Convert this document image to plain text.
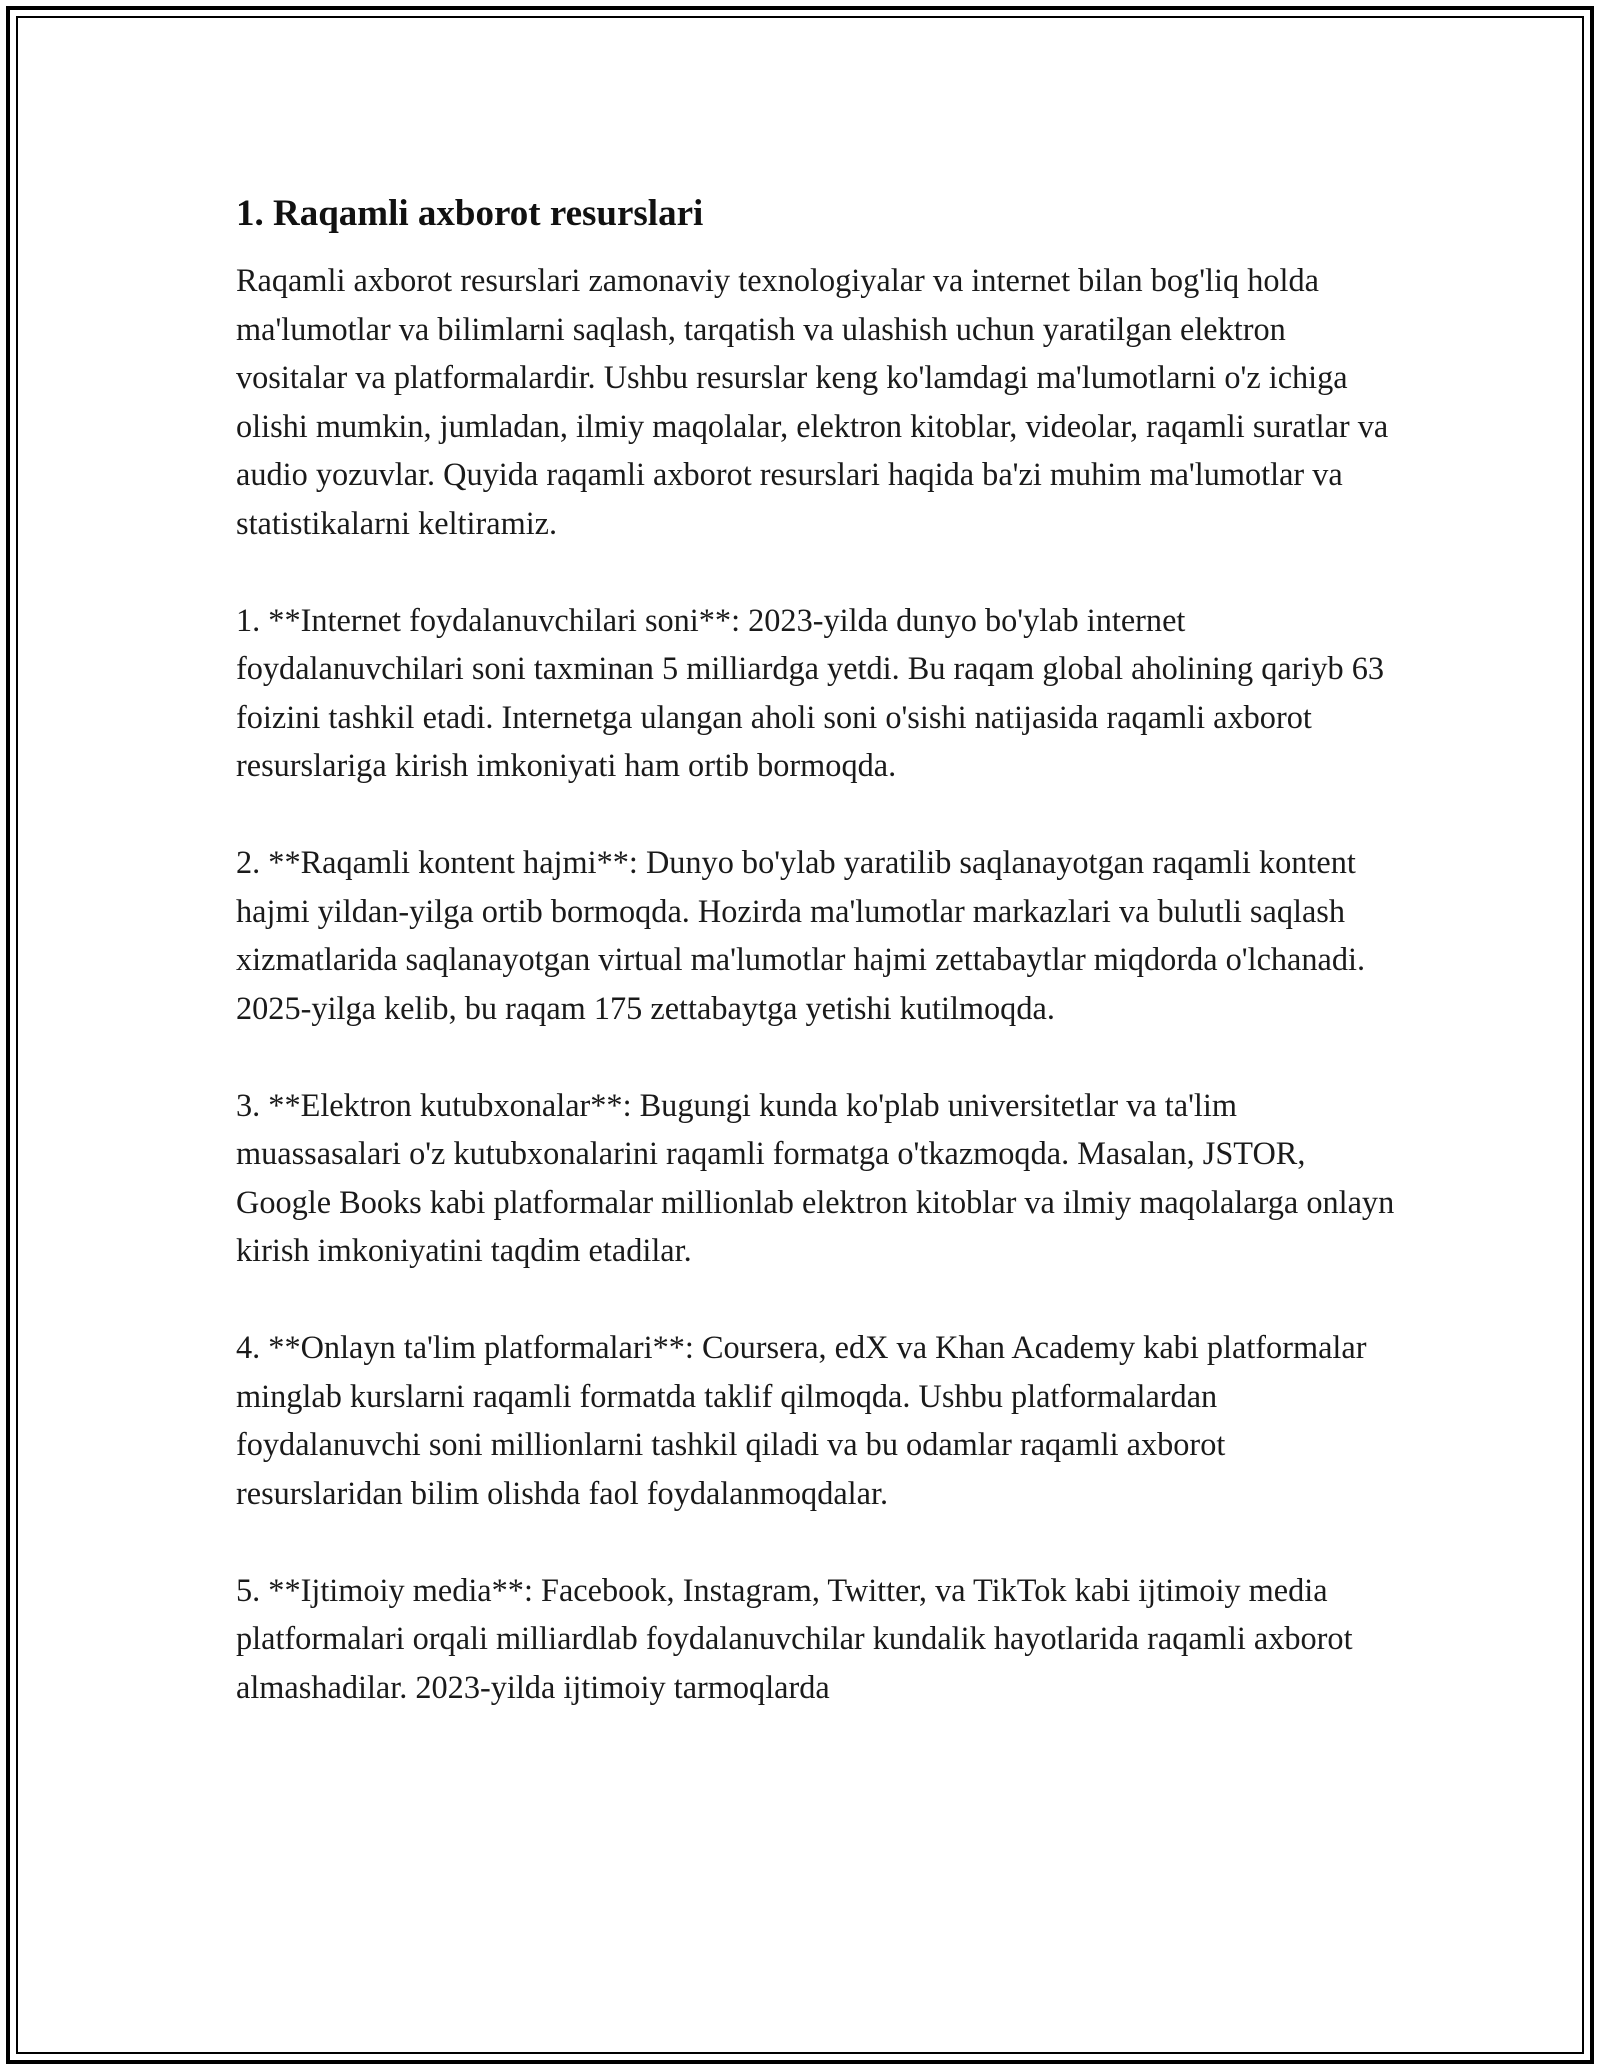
1. Raqamli axborot resurslari

Raqamli axborot resurslari zamonaviy texnologiyalar va internet bilan bog'liq holda ma'lumotlar va bilimlarni saqlash, tarqatish va ulashish uchun yaratilgan elektron vositalar va platformalardir. Ushbu resurslar keng ko'lamdagi ma'lumotlarni o'z ichiga olishi mumkin, jumladan, ilmiy maqolalar, elektron kitoblar, videolar, raqamli suratlar va audio yozuvlar. Quyida raqamli axborot resurslari haqida ba'zi muhim ma'lumotlar va statistikalarni keltiramiz.

1. **Internet foydalanuvchilari soni**: 2023-yilda dunyo bo'ylab internet foydalanuvchilari soni taxminan 5 milliardga yetdi. Bu raqam global aholining qariyb 63 foizini tashkil etadi. Internetga ulangan aholi soni o'sishi natijasida raqamli axborot resurslariga kirish imkoniyati ham ortib bormoqda.

2. **Raqamli kontent hajmi**: Dunyo bo'ylab yaratilib saqlanayotgan raqamli kontent hajmi yildan-yilga ortib bormoqda. Hozirda ma'lumotlar markazlari va bulutli saqlash xizmatlarida saqlanayotgan virtual ma'lumotlar hajmi zettabaytlar miqdorda o'lchanadi. 2025-yilga kelib, bu raqam 175 zettabaytga yetishi kutilmoqda.

3. **Elektron kutubxonalar**: Bugungi kunda ko'plab universitetlar va ta'lim muassasalari o'z kutubxonalarini raqamli formatga o'tkazmoqda. Masalan, JSTOR, Google Books kabi platformalar millionlab elektron kitoblar va ilmiy maqolalarga onlayn kirish imkoniyatini taqdim etadilar.

4. **Onlayn ta'lim platformalari**: Coursera, edX va Khan Academy kabi platformalar minglab kurslarni raqamli formatda taklif qilmoqda. Ushbu platformalardan foydalanuvchi soni millionlarni tashkil qiladi va bu odamlar raqamli axborot resurslaridan bilim olishda faol foydalanmoqdalar.

5. **Ijtimoiy media**: Facebook, Instagram, Twitter, va TikTok kabi ijtimoiy media platformalari orqali milliardlab foydalanuvchilar kundalik hayotlarida raqamli axborot almashadilar. 2023-yilda ijtimoiy tarmoqlarda
